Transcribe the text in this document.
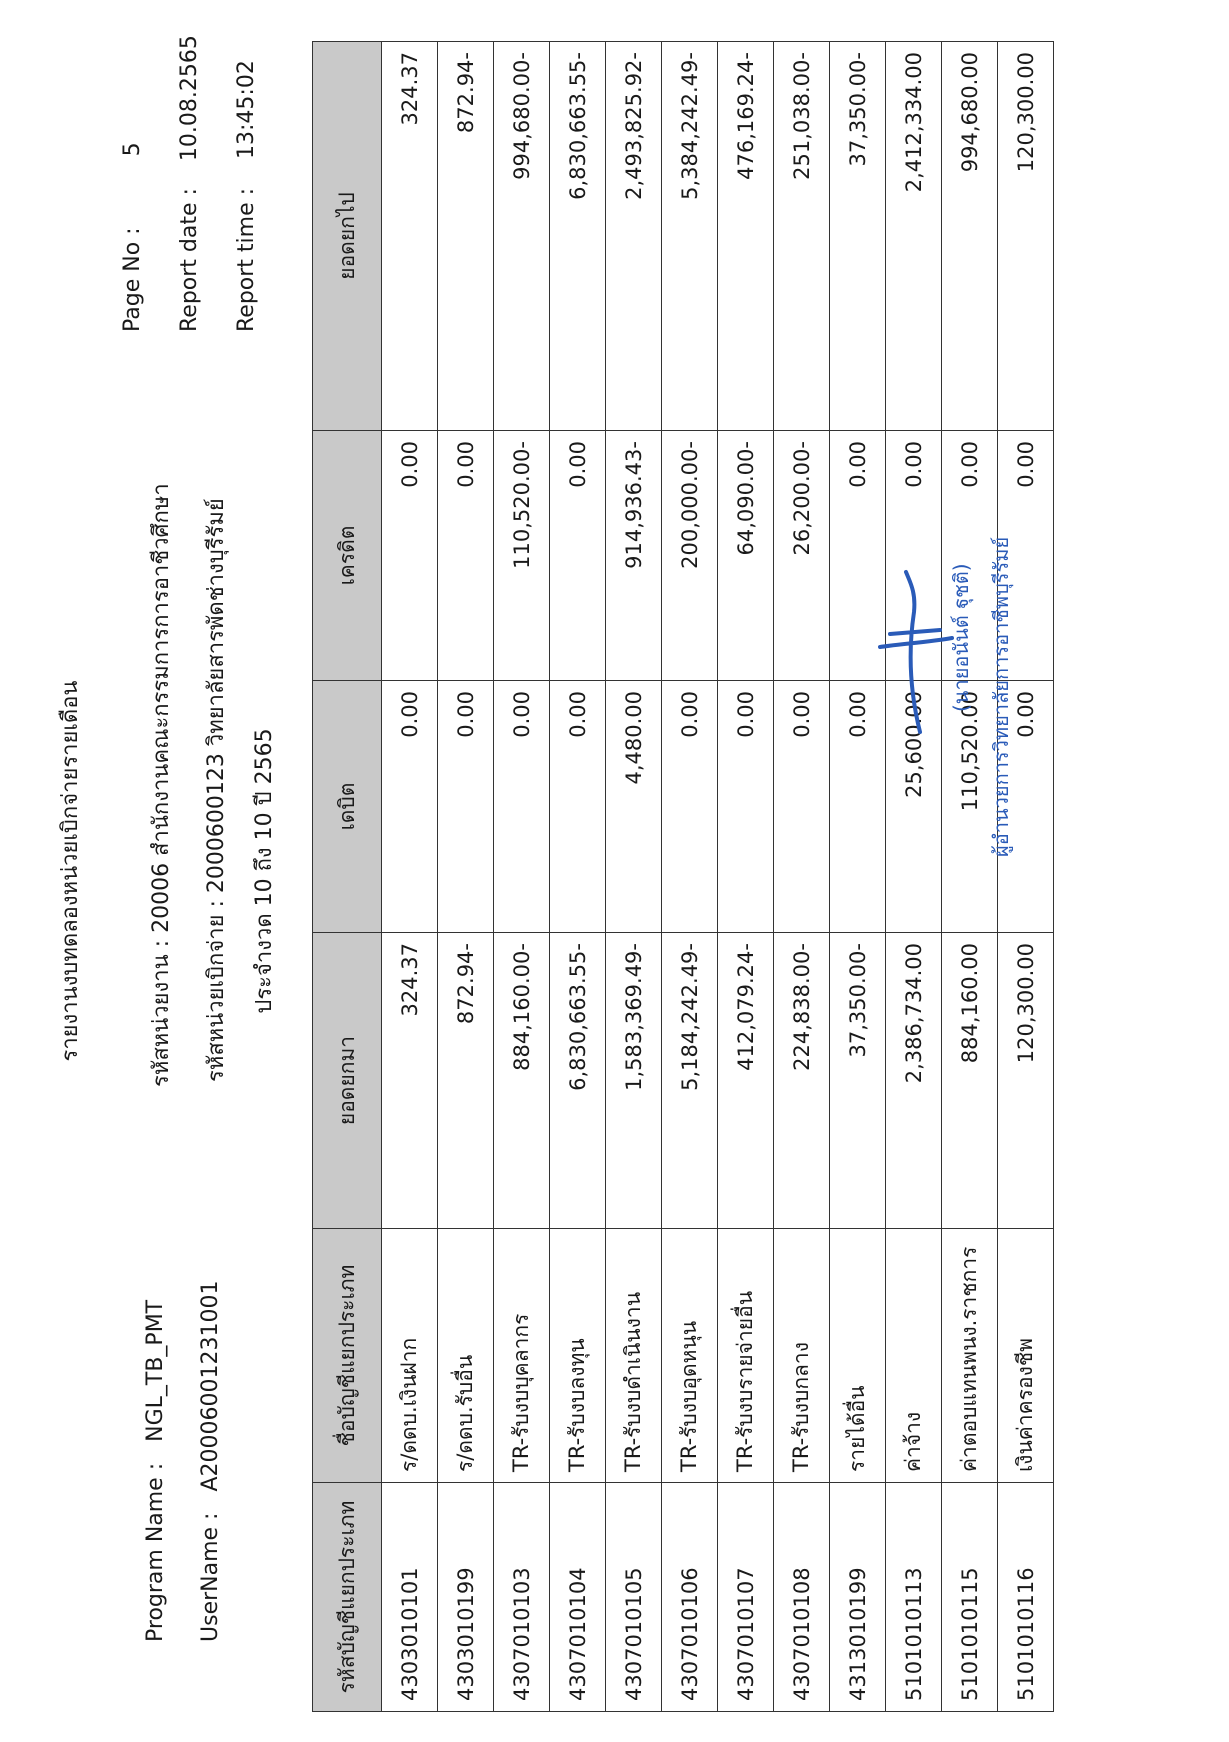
รายงานงบทดลองหน่วยเบิกจ่ายรายเดือน
Program Name : NGL_TB_PMT
UserName : A20006001231001
รหัสหน่วยงาน : 20006 สำนักงานคณะกรรมการการอาชีวศึกษา
รหัสหน่วยเบิกจ่าย : 2000600123 วิทยาลัยสารพัดช่างบุรีรัมย์ ประจำงวด 10 ถึง 10 ปี 2565
Page No : 5
Report date : 10.08.2565
Report time : 13:45:02
รหัสบัญชีแยกประเภท	ชื่อบัญชีแยกประเภท	ยอดยกมา	เดบิต	เครดิต	ยอดยกไป
4303010101	ร/ดดบ.เงินฝาก	324.37	0.00	0.00	324.37
4303010199	ร/ดดบ.รับอื่น	872.94-	0.00	0.00	872.94-
4307010103	TR-รับงบบุคลากร	884,160.00-	0.00	110,520.00-	994,680.00-
4307010104	TR-รับงบลงทุน	6,830,663.55-	0.00	0.00	6,830,663.55-
4307010105	TR-รับงบดำเนินงาน	1,583,369.49-	4,480.00	914,936.43-	2,493,825.92-
4307010106	TR-รับงบอุดหนุน	5,184,242.49-	0.00	200,000.00-	5,384,242.49-
4307010107	TR-รับงบรายจ่ายอื่น	412,079.24-	0.00	64,090.00-	476,169.24-
4307010108	TR-รับงบกลาง	224,838.00-	0.00	26,200.00-	251,038.00-
4313010199	รายได้อื่น	37,350.00-	0.00	0.00	37,350.00-
5101010113	ค่าจ้าง	2,386,734.00	25,600.00	0.00	2,412,334.00
5101010115	ค่าตอบแทนพนง.ราชการ	884,160.00	110,520.00	0.00	994,680.00
5101010116	เงินค่าครองชีพ	120,300.00	0.00	0.00	120,300.00
(นายอนันต์ ฐุชติ) ผู้อำนวยการวิทยาลัยการอาชีพบุรีรัมย์
